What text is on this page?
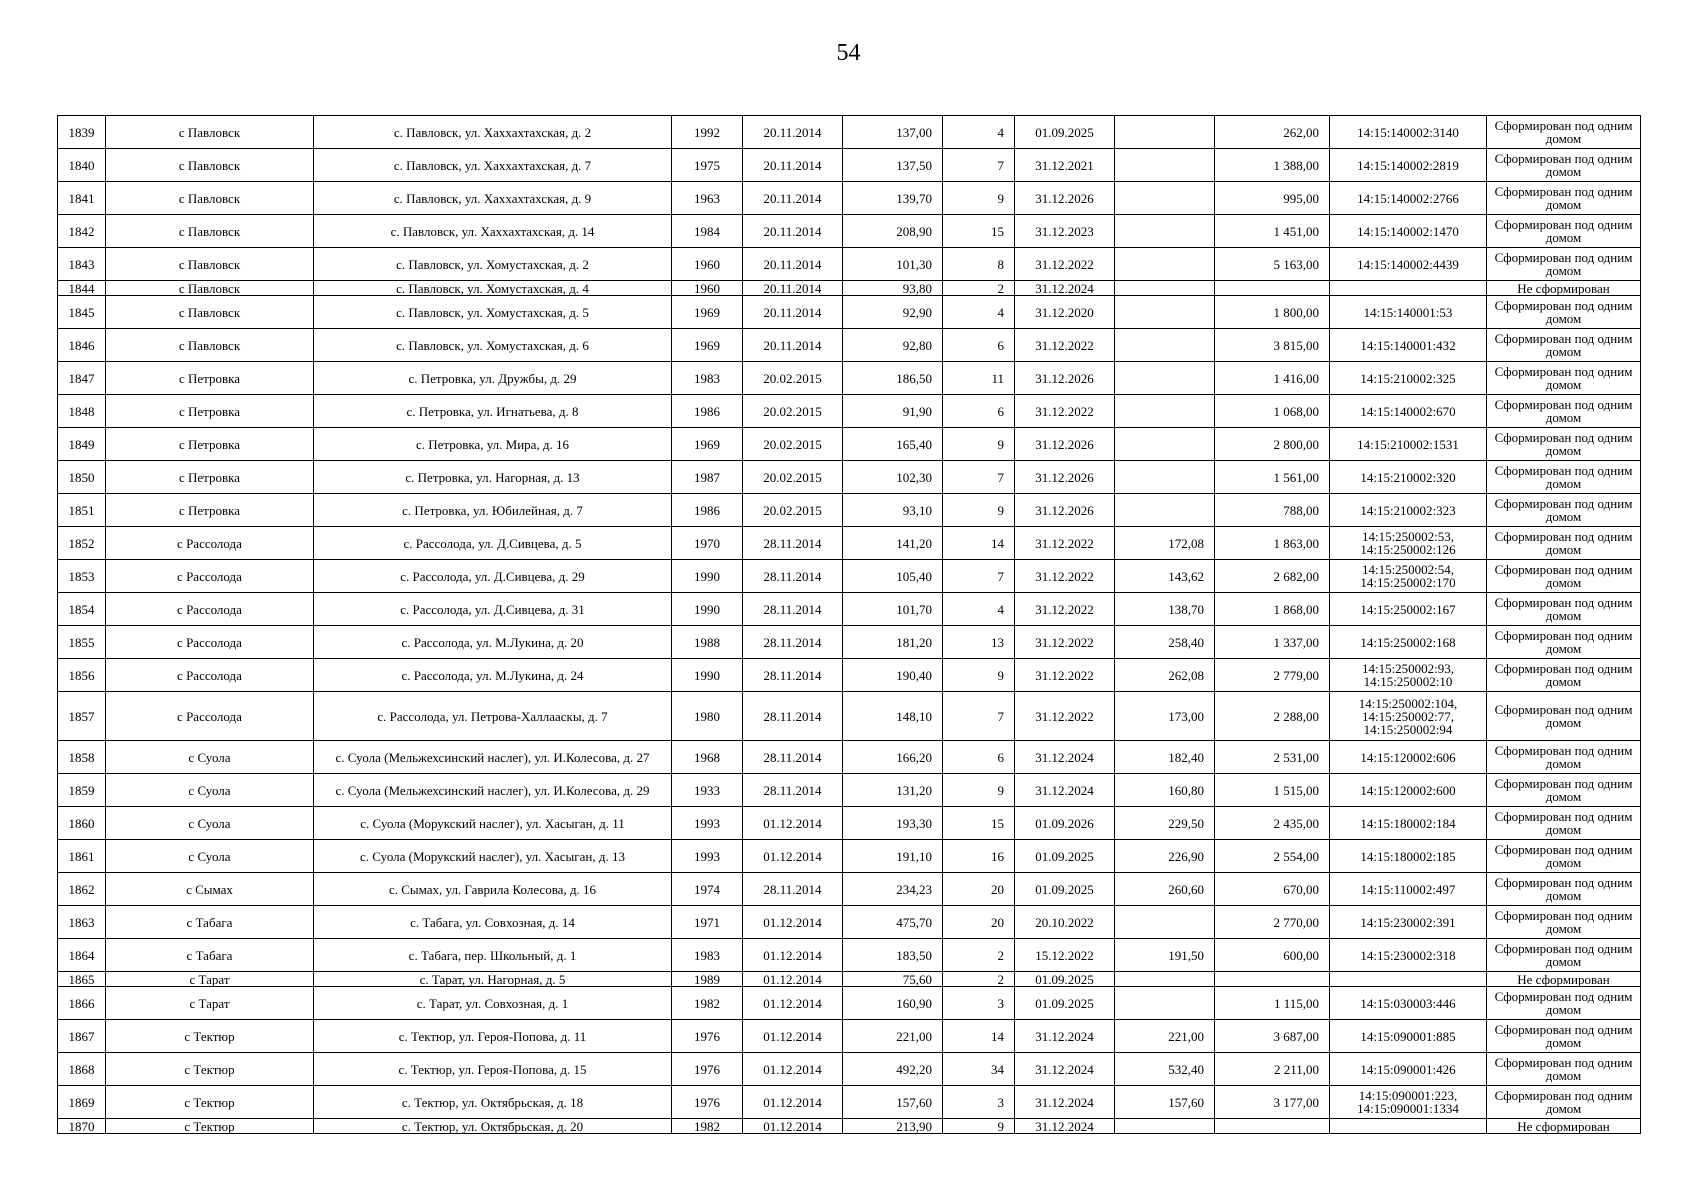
54
1839	с Павловск	с. Павловск, ул. Хаххахтахская, д. 2	1992	20.11.2014	137,00	4	01.09.2025		262,00	14:15:140002:3140	Сформирован под одним домом
1840	с Павловск	с. Павловск, ул. Хаххахтахская, д. 7	1975	20.11.2014	137,50	7	31.12.2021		1 388,00	14:15:140002:2819	Сформирован под одним домом
1841	с Павловск	с. Павловск, ул. Хаххахтахская, д. 9	1963	20.11.2014	139,70	9	31.12.2026		995,00	14:15:140002:2766	Сформирован под одним домом
1842	с Павловск	с. Павловск, ул. Хаххахтахская, д. 14	1984	20.11.2014	208,90	15	31.12.2023		1 451,00	14:15:140002:1470	Сформирован под одним домом
1843	с Павловск	с. Павловск, ул. Хомустахская, д. 2	1960	20.11.2014	101,30	8	31.12.2022		5 163,00	14:15:140002:4439	Сформирован под одним домом
1844	с Павловск	с. Павловск, ул. Хомустахская, д. 4	1960	20.11.2014	93,80	2	31.12.2024				Не сформирован
1845	с Павловск	с. Павловск, ул. Хомустахская, д. 5	1969	20.11.2014	92,90	4	31.12.2020		1 800,00	14:15:140001:53	Сформирован под одним домом
1846	с Павловск	с. Павловск, ул. Хомустахская, д. 6	1969	20.11.2014	92,80	6	31.12.2022		3 815,00	14:15:140001:432	Сформирован под одним домом
1847	с Петровка	с. Петровка, ул. Дружбы, д. 29	1983	20.02.2015	186,50	11	31.12.2026		1 416,00	14:15:210002:325	Сформирован под одним домом
1848	с Петровка	с. Петровка, ул. Игнатьева, д. 8	1986	20.02.2015	91,90	6	31.12.2022		1 068,00	14:15:140002:670	Сформирован под одним домом
1849	с Петровка	с. Петровка, ул. Мира, д. 16	1969	20.02.2015	165,40	9	31.12.2026		2 800,00	14:15:210002:1531	Сформирован под одним домом
1850	с Петровка	с. Петровка, ул. Нагорная, д. 13	1987	20.02.2015	102,30	7	31.12.2026		1 561,00	14:15:210002:320	Сформирован под одним домом
1851	с Петровка	с. Петровка, ул. Юбилейная, д. 7	1986	20.02.2015	93,10	9	31.12.2026		788,00	14:15:210002:323	Сформирован под одним домом
1852	с Рассолода	с. Рассолода, ул. Д.Сивцева, д. 5	1970	28.11.2014	141,20	14	31.12.2022	172,08	1 863,00	14:15:250002:53, 14:15:250002:126	Сформирован под одним домом
1853	с Рассолода	с. Рассолода, ул. Д.Сивцева, д. 29	1990	28.11.2014	105,40	7	31.12.2022	143,62	2 682,00	14:15:250002:54, 14:15:250002:170	Сформирован под одним домом
1854	с Рассолода	с. Рассолода, ул. Д.Сивцева, д. 31	1990	28.11.2014	101,70	4	31.12.2022	138,70	1 868,00	14:15:250002:167	Сформирован под одним домом
1855	с Рассолода	с. Рассолода, ул. М.Лукина, д. 20	1988	28.11.2014	181,20	13	31.12.2022	258,40	1 337,00	14:15:250002:168	Сформирован под одним домом
1856	с Рассолода	с. Рассолода, ул. М.Лукина, д. 24	1990	28.11.2014	190,40	9	31.12.2022	262,08	2 779,00	14:15:250002:93, 14:15:250002:10	Сформирован под одним домом
1857	с Рассолода	с. Рассолода, ул. Петрова-Халлааскы, д. 7	1980	28.11.2014	148,10	7	31.12.2022	173,00	2 288,00	14:15:250002:104, 14:15:250002:77, 14:15:250002:94	Сформирован под одним домом
1858	с Суола	с. Суола (Мельжехсинский наслег), ул. И.Колесова, д. 27	1968	28.11.2014	166,20	6	31.12.2024	182,40	2 531,00	14:15:120002:606	Сформирован под одним домом
1859	с Суола	с. Суола (Мельжехсинский наслег), ул. И.Колесова, д. 29	1933	28.11.2014	131,20	9	31.12.2024	160,80	1 515,00	14:15:120002:600	Сформирован под одним домом
1860	с Суола	с. Суола (Морукский наслег), ул. Хасыган, д. 11	1993	01.12.2014	193,30	15	01.09.2026	229,50	2 435,00	14:15:180002:184	Сформирован под одним домом
1861	с Суола	с. Суола (Морукский наслег), ул. Хасыган, д. 13	1993	01.12.2014	191,10	16	01.09.2025	226,90	2 554,00	14:15:180002:185	Сформирован под одним домом
1862	с Сымах	с. Сымах, ул. Гаврила Колесова, д. 16	1974	28.11.2014	234,23	20	01.09.2025	260,60	670,00	14:15:110002:497	Сформирован под одним домом
1863	с Табага	с. Табага, ул. Совхозная, д. 14	1971	01.12.2014	475,70	20	20.10.2022		2 770,00	14:15:230002:391	Сформирован под одним домом
1864	с Табага	с. Табага, пер. Школьный, д. 1	1983	01.12.2014	183,50	2	15.12.2022	191,50	600,00	14:15:230002:318	Сформирован под одним домом
1865	с Тарат	с. Тарат, ул. Нагорная, д. 5	1989	01.12.2014	75,60	2	01.09.2025				Не сформирован
1866	с Тарат	с. Тарат, ул. Совхозная, д. 1	1982	01.12.2014	160,90	3	01.09.2025		1 115,00	14:15:030003:446	Сформирован под одним домом
1867	с Тектюр	с. Тектюр, ул. Героя-Попова, д. 11	1976	01.12.2014	221,00	14	31.12.2024	221,00	3 687,00	14:15:090001:885	Сформирован под одним домом
1868	с Тектюр	с. Тектюр, ул. Героя-Попова, д. 15	1976	01.12.2014	492,20	34	31.12.2024	532,40	2 211,00	14:15:090001:426	Сформирован под одним домом
1869	с Тектюр	с. Тектюр, ул. Октябрьская, д. 18	1976	01.12.2014	157,60	3	31.12.2024	157,60	3 177,00	14:15:090001:223, 14:15:090001:1334	Сформирован под одним домом
1870	с Тектюр	с. Тектюр, ул. Октябрьская, д. 20	1982	01.12.2014	213,90	9	31.12.2024				Не сформирован
